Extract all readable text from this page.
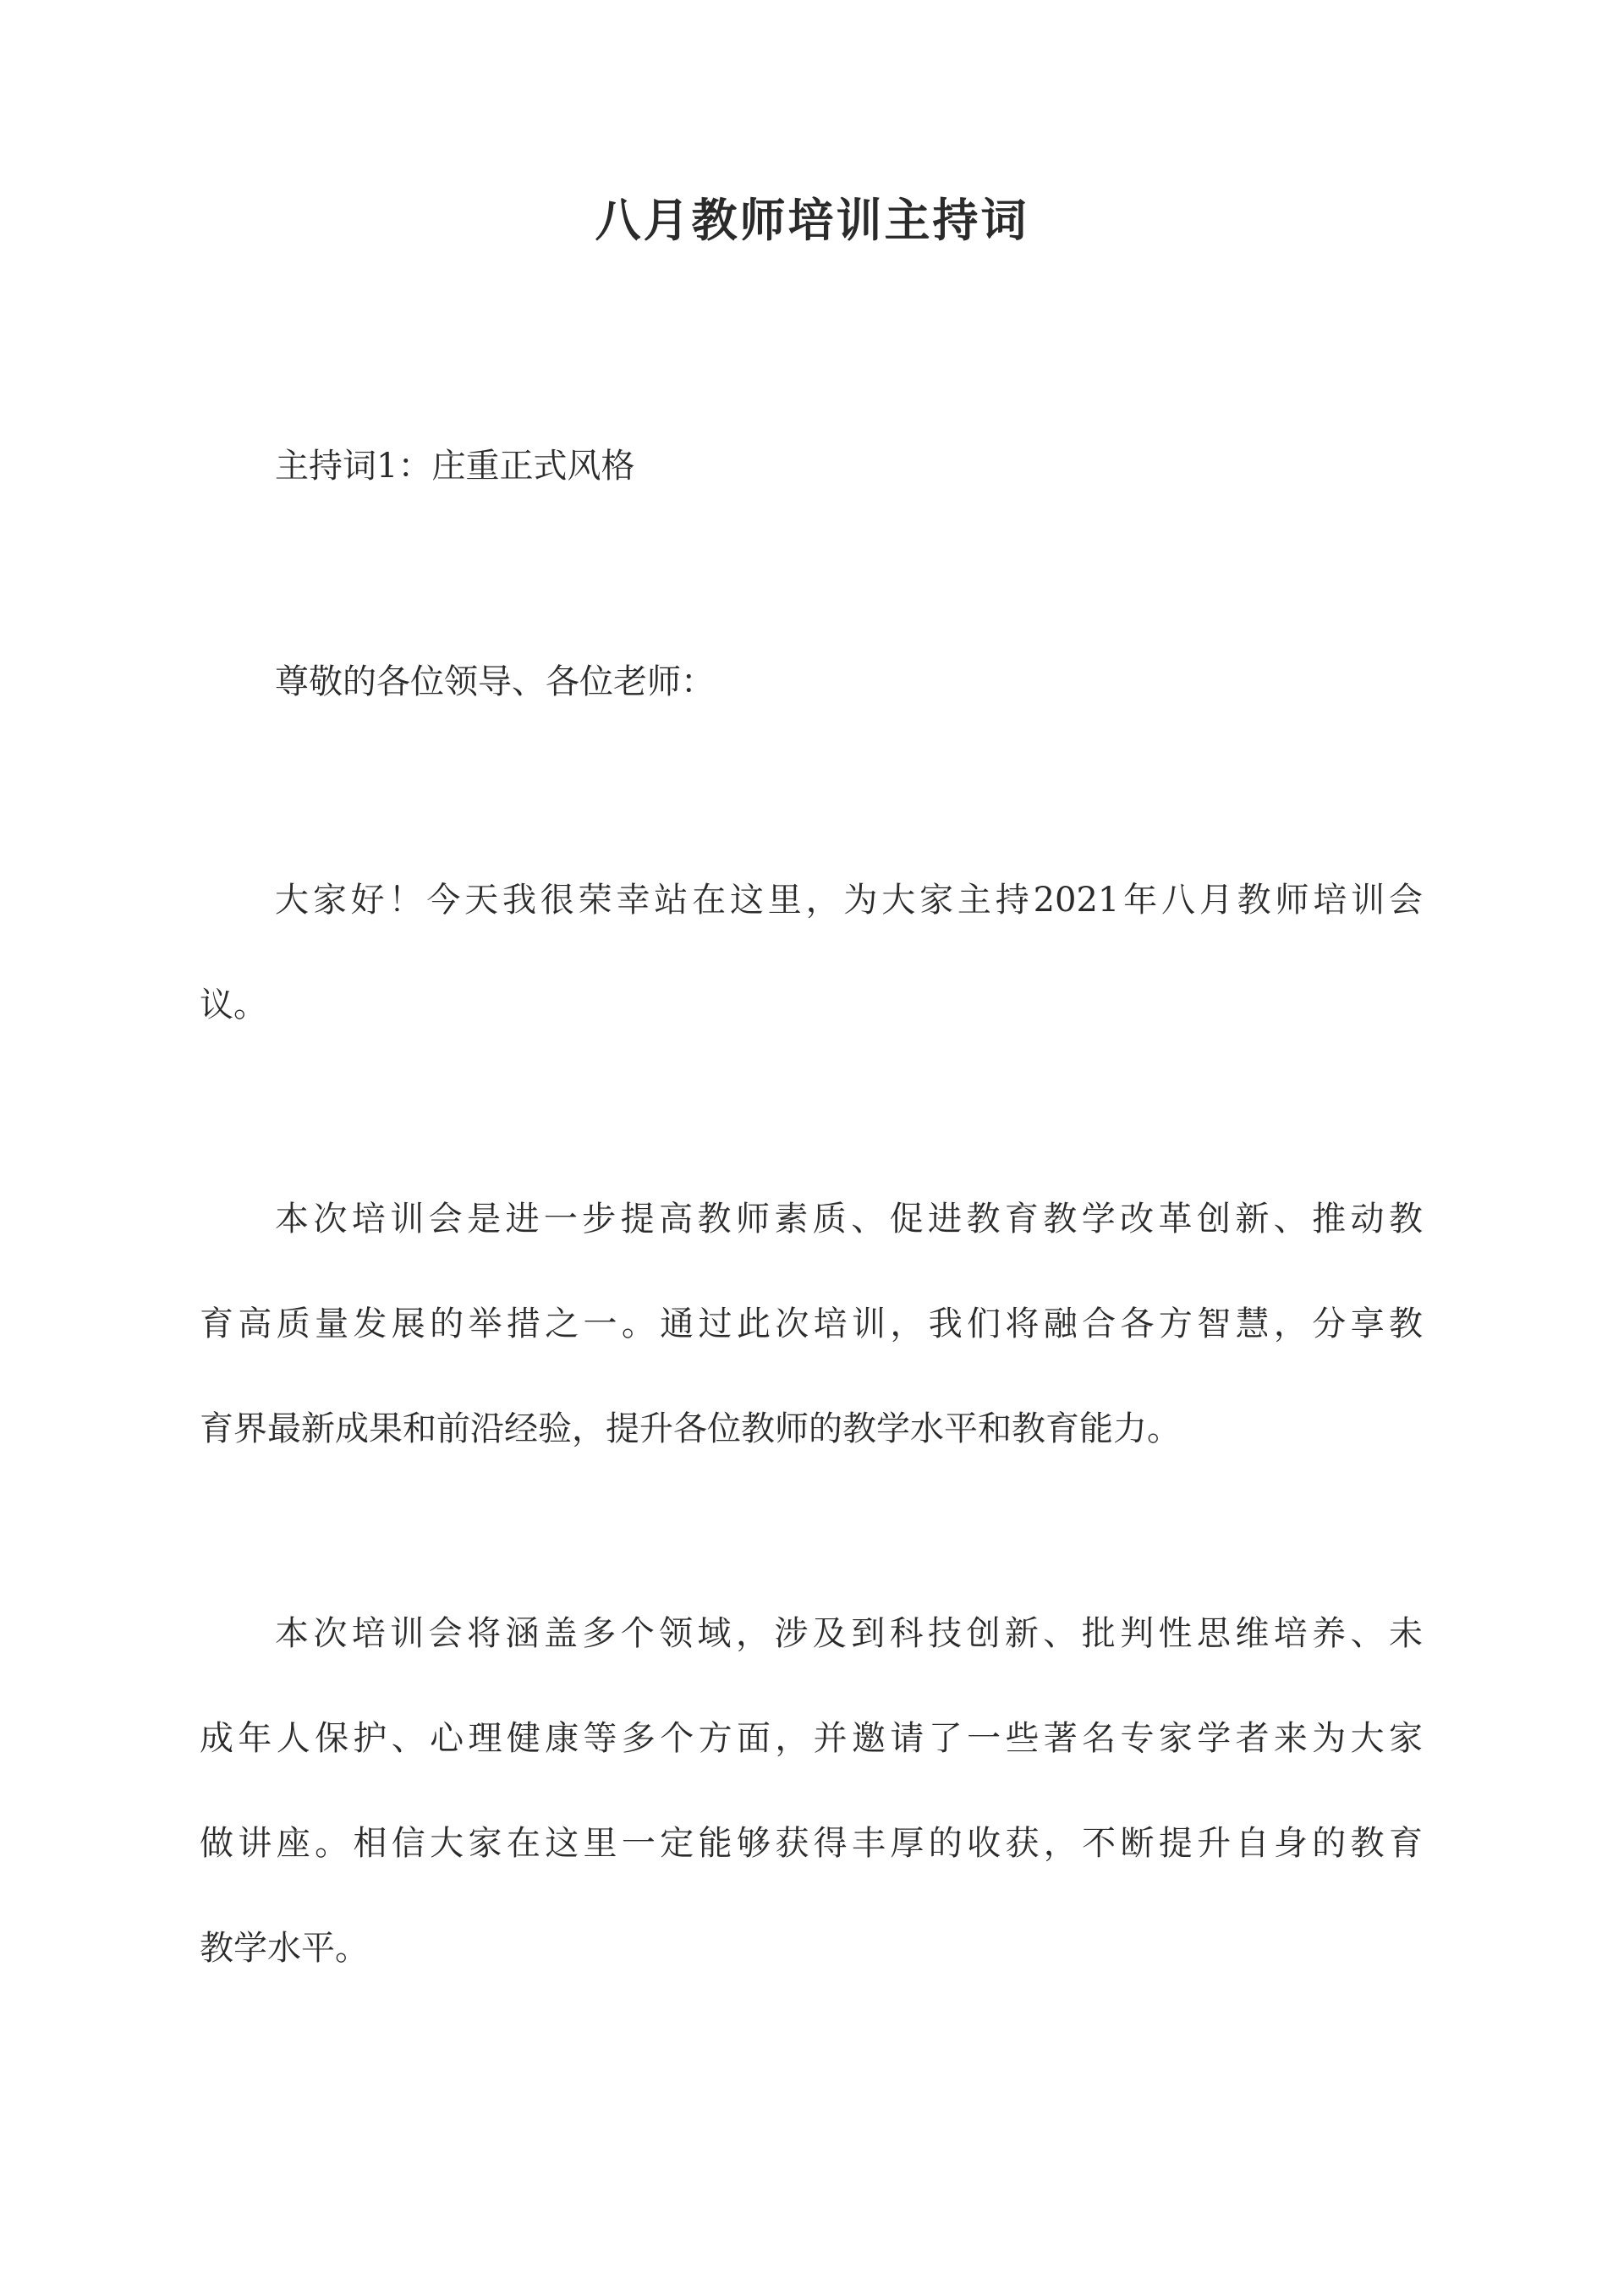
八月教师培训主持词

主持词1：庄重正式风格

尊敬的各位领导、各位老师：

大家好！今天我很荣幸站在这里，为大家主持2021年八月教师培训会
议。
本次培训会是进一步提高教师素质、促进教育教学改革创新、推动教
育高质量发展的举措之一。通过此次培训，我们将融合各方智慧，分享教
育界最新成果和前沿经验，提升各位教师的教学水平和教育能力。
本次培训会将涵盖多个领域，涉及到科技创新、批判性思维培养、未
成年人保护、心理健康等多个方面，并邀请了一些著名专家学者来为大家
做讲座。相信大家在这里一定能够获得丰厚的收获，不断提升自身的教育
教学水平。
